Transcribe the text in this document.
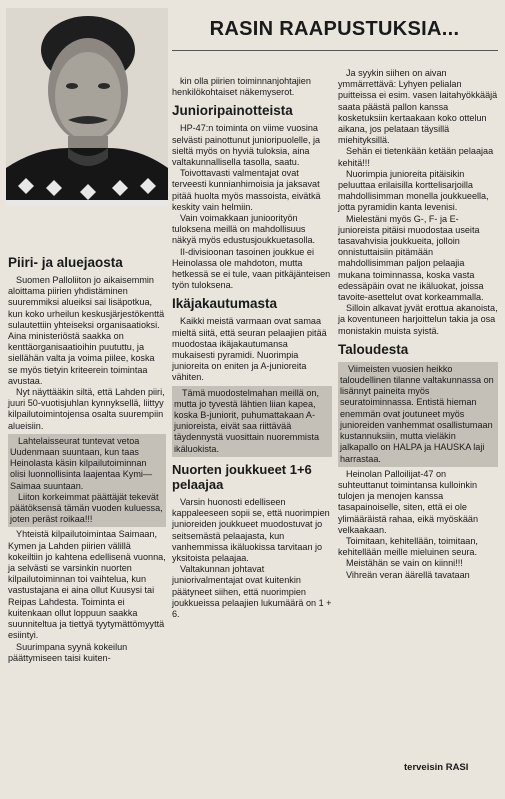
RASIN RAAPUSTUKSIA...
Piiri- ja aluejaosta

Suomen Palloliiton jo aikaisemmin aloittama piirien yhdistäminen suuremmiksi alueiksi sai lisäpotkua, kun koko urheilun keskusjärjestökenttä sulautettiin yhteiseksi organisaatioksi. Aina ministeriöstä saakka on kenttäorganisaatioihin puututtu, ja siellähän valta ja voima piilee, koska se myös tietyin kriteerein toimintaa avustaa.

Nyt näyttääkin siltä, että Lahden piiri, juuri 50-vuotisjuhlan kynnyksellä, liittyy kilpailutoimintojensa osalta suurempiin alueisiin.

Lahtelaisseurat tuntevat vetoa Uudenmaan suuntaan, kun taas Heinolasta käsin kilpailutoiminnan olisi luonnollisinta laajentaa Kymi—Saimaa suuntaan.

Liiton korkeimmat päättäjät tekevät päätöksensä tämän vuoden kuluessa, joten peräst roikaa!!!

Yhteistä kilpailutoimintaa Saimaan, Kymen ja Lahden piirien välillä kokeiltiin jo kahtena edellisenä vuonna, ja selvästi se varsinkin nuorten kilpailutoiminnan toi vaihtelua, kun vastustajana ei aina ollut Kuusysi tai Reipas Lahdesta. Toiminta ei kuitenkaan ollut loppuun saakka suunniteltua ja tiettyä tyytymättömyyttä esiintyi.

Suurimpana syynä kokeilun päättymiseen taisi kuiten-

kin olla piirien toiminnanjohtajien henkilökohtaiset näkemyserot.

Junioripainotteista

HP-47:n toiminta on viime vuosina selvästi painottunut junioripuolelle, ja sieltä myös on hyviä tuloksia, aina valtakunnallisella tasolla, saatu.

Toivottavasti valmentajat ovat terveesti kunnianhimoisia ja jaksavat pitää huolta myös massoista, eivätkä keskity vain helmiin.

Vain voimakkaan junioorityön tuloksena meillä on mahdollisuus näkyä myös edustusjoukkuetasolla.

II-divisioonan tasoinen joukkue ei Heinolassa ole mahdoton, mutta hetkessä se ei tule, vaan pitkäjänteisen työn tuloksena.

Ikäjakautumasta

Kaikki meistä varmaan ovat samaa mieltä siitä, että seuran pelaajien pitää muodostaa ikäjakautumansa mukaisesti pyramidi. Nuorimpia junioreita on eniten ja A-junioreita vähiten.

Tämä muodostelmahan meillä on, mutta jo tyvestä lähtien liian kapea, koska B-juniorit, puhumattakaan A-junioreista, eivät saa riittävää täydennystä vuosittain nuoremmista ikäluokista.

Nuorten joukkueet 1+6 pelaajaa

Varsin huonosti edelliseen kappaleeseen sopii se, että nuorimpien junioreiden joukkueet muodostuvat jo seitsemästä pelaajasta, kun vanhemmissa ikäluokissa tarvitaan jo yksitoista pelaajaa.

Valtakunnan johtavat juniorivalmentajat ovat kuitenkin päätyneet siihen, että nuorimpien joukkueissa pelaajien lukumäärä on 1 + 6.

Ja syykin siihen on aivan ymmärrettävä: Lyhyen pelialan puitteissa ei esim. vasen laitahyökkääjä saata päästä pallon kanssa kosketuksiin kertaakaan koko ottelun aikana, jos pelataan täysillä miehityksillä.

Sehän ei tietenkään ketään pelaajaa kehitä!!!

Nuorimpia junioreita pitäisikin peluuttaa erilaisilla korttelisarjoilla mahdollisimman monella joukkueella, jotta pyramidin kanta levenisi.

Mielestäni myös G-, F- ja E-junioreista pitäisi muodostaa useita tasavahvisia joukkueita, jolloin onnistuttaisiin pitämään mahdollisimman paljon pelaajia mukana toiminnassa, koska vasta edessäpäin ovat ne ikäluokat, joissa tavoite-asettelut ovat korkeammalla.

Silloin alkavat jyvät erottua akanoista, ja koventuneen harjoittelun takia ja osa monistakin muista syistä.

Taloudesta

Viimeisten vuosien heikko taloudellinen tilanne valtakunnassa on lisännyt paineita myös seuratoiminnassa. Entistä hieman enemmän ovat joutuneet myös junioreiden vanhemmat osallistumaan kustannuksiin, mutta vieläkin jalkapallo on HALPA ja HAUSKA laji harrastaa.

Heinolan Palloilijat-47 on suhteuttanut toimintansa kulloinkin tulojen ja menojen kanssa tasapainoiselle, siten, että ei ole ylimääräistä rahaa, eikä myöskään velkaakaan.

Toimitaan, kehitellään, toimitaan, kehitellään meille mieluinen seura.

Meistähän se vain on kiinni!!!

Vihreän veran äärellä tavataan

terveisin RASI
